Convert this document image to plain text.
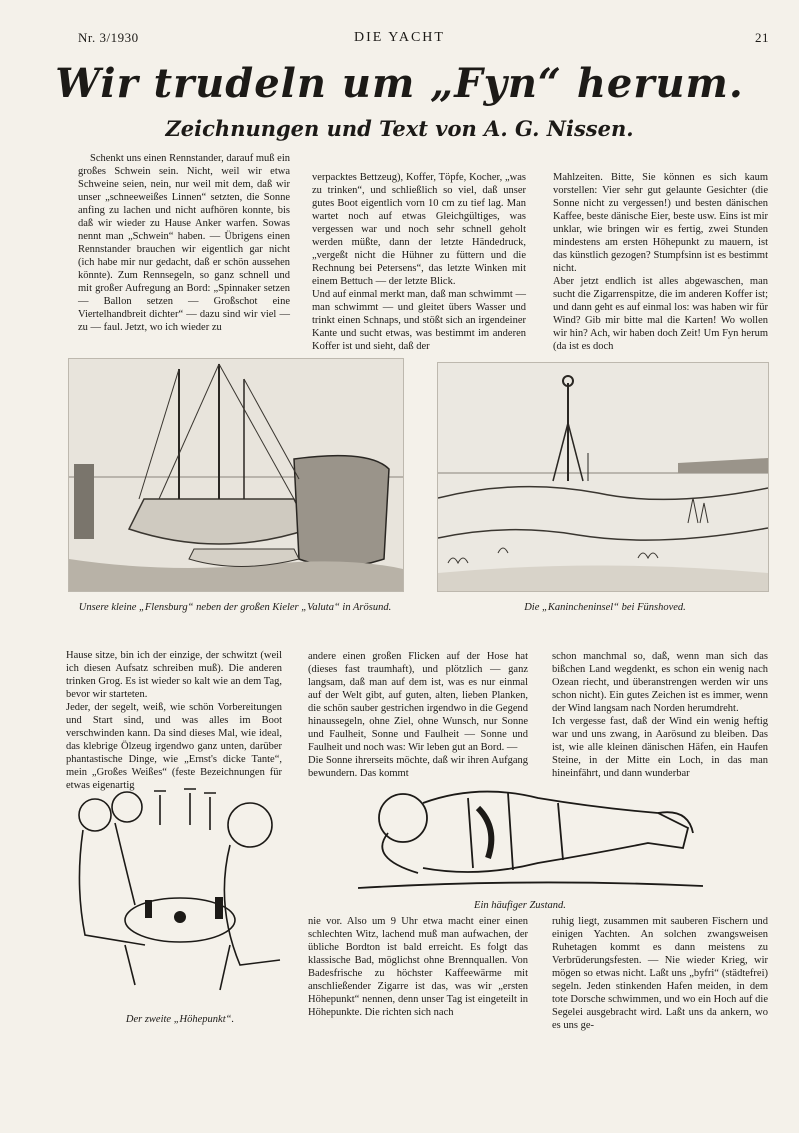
Nr. 3/1930	DIE YACHT	21
Wir trudeln um „Fyn“ herum.
Zeichnungen und Text von A. G. Nissen.

Schenkt uns einen Rennstander, darauf muß ein großes Schwein sein. Nicht, weil wir etwa Schweine seien, nein, nur weil mit dem, daß wir unser „schneeweißes Linnen“ setzten, die Sonne anfing zu lachen und nicht aufhören konnte, bis daß wir wieder zu Hause Anker warfen. Sowas nennt man „Schwein“ haben. — Übrigens einen Rennstander brauchen wir eigentlich gar nicht (ich habe mir nur gedacht, daß er schön aussehen könnte). Zum Rennsegeln, so ganz schnell und mit großer Aufregung an Bord: „Spinnaker setzen — Ballon setzen — Großschot eine Viertelhandbreit dichter“ — dazu sind wir viel — zu — faul. Jetzt, wo ich wieder zu

verpacktes Bettzeug), Koffer, Töpfe, Kocher, „was zu trinken“, und schließlich so viel, daß unser gutes Boot eigentlich vorn 10 cm zu tief lag. Man wartet noch auf etwas Gleichgültiges, was vergessen war und noch sehr schnell geholt werden müßte, dann der letzte Händedruck, „vergeßt nicht die Hühner zu füttern und die Rechnung bei Petersens“, das letzte Winken mit einem Bettuch — der letzte Blick.
Und auf einmal merkt man, daß man schwimmt — man schwimmt — und gleitet übers Wasser und trinkt einen Schnaps, und stößt sich an irgendeiner Kante und sucht etwas, was bestimmt im anderen Koffer ist und sieht, daß der

Mahlzeiten. Bitte, Sie können es sich kaum vorstellen: Vier sehr gut gelaunte Gesichter (die Sonne nicht zu vergessen!) und besten dänischen Kaffee, beste dänische Eier, beste usw. Eins ist mir unklar, wie bringen wir es fertig, zwei Stunden mindestens am ersten Höhepunkt zu mauern, ist das künstlich gezogen? Stumpfsinn ist es bestimmt nicht.
Aber jetzt endlich ist alles abgewaschen, man sucht die Zigarrenspitze, die im anderen Koffer ist; und dann geht es auf einmal los: was haben wir für Wind? Gib mir bitte mal die Karten! Wo wollen wir hin? Ach, wir haben doch Zeit! Um Fyn herum (da ist es doch

Unsere kleine „Flensburg“ neben der großen Kieler „Valuta“ in Arösund.	Die „Kanincheninsel“ bei Fünshoved.

Hause sitze, bin ich der einzige, der schwitzt (weil ich diesen Aufsatz schreiben muß). Die anderen trinken Grog. Es ist wieder so kalt wie an dem Tag, bevor wir starteten.
Jeder, der segelt, weiß, wie schön Vorbereitungen und Start sind, und was alles im Boot verschwinden kann. Da sind dieses Mal, wie ideal, das klebrige Ölzeug irgendwo ganz unten, darüber phantastische Dinge, wie „Ernst's dicke Tante“, mein „Großes Weißes“ (feste Bezeichnungen für etwas eigenartig

andere einen großen Flicken auf der Hose hat (dieses fast traumhaft), und plötzlich — ganz langsam, daß man auf dem ist, was es nur einmal auf der Welt gibt, auf guten, alten, lieben Planken, die schön sauber gestrichen irgendwo in die Gegend hinaussegeln, ohne Ziel, ohne Wunsch, nur Sonne und Faulheit, Sonne und Faulheit — Sonne und Faulheit und noch was: Wir leben gut an Bord. —
Die Sonne ihrerseits möchte, daß wir ihren Aufgang bewundern. Das kommt

schon manchmal so, daß, wenn man sich das bißchen Land wegdenkt, es schon ein wenig nach Ozean riecht, und überanstrengen werden wir uns schon nicht). Ein gutes Zeichen ist es immer, wenn der Wind langsam nach Norden herumdreht.
Ich vergesse fast, daß der Wind ein wenig heftig war und uns zwang, in Aarösund zu bleiben. Das ist, wie alle kleinen dänischen Häfen, ein Haufen Steine, in der Mitte ein Loch, in das man hineinfährt, und dann wunderbar

Der zweite „Höhepunkt“.
Ein häufiger Zustand.

nie vor. Also um 9 Uhr etwa macht einer einen schlechten Witz, lachend muß man aufwachen, der übliche Bordton ist bald erreicht. Es folgt das klassische Bad, möglichst ohne Brennquallen. Von Badesfrische zu höchster Kaffeewärme mit anschließender Zigarre ist das, was wir „ersten Höhepunkt“ nennen, denn unser Tag ist eingeteilt in Höhepunkte. Die richten sich nach

ruhig liegt, zusammen mit sauberen Fischern und einigen Yachten. An solchen zwangsweisen Ruhetagen kommt es dann meistens zu Verbrüderungsfesten. — Nie wieder Krieg, wir mögen so etwas nicht. Laßt uns „byfri“ (städtefrei) segeln. Jeden stinkenden Hafen meiden, in dem tote Dorsche schwimmen, und wo ein Hoch auf die Segelei ausgebracht wird. Laßt uns da ankern, wo es uns ge-
